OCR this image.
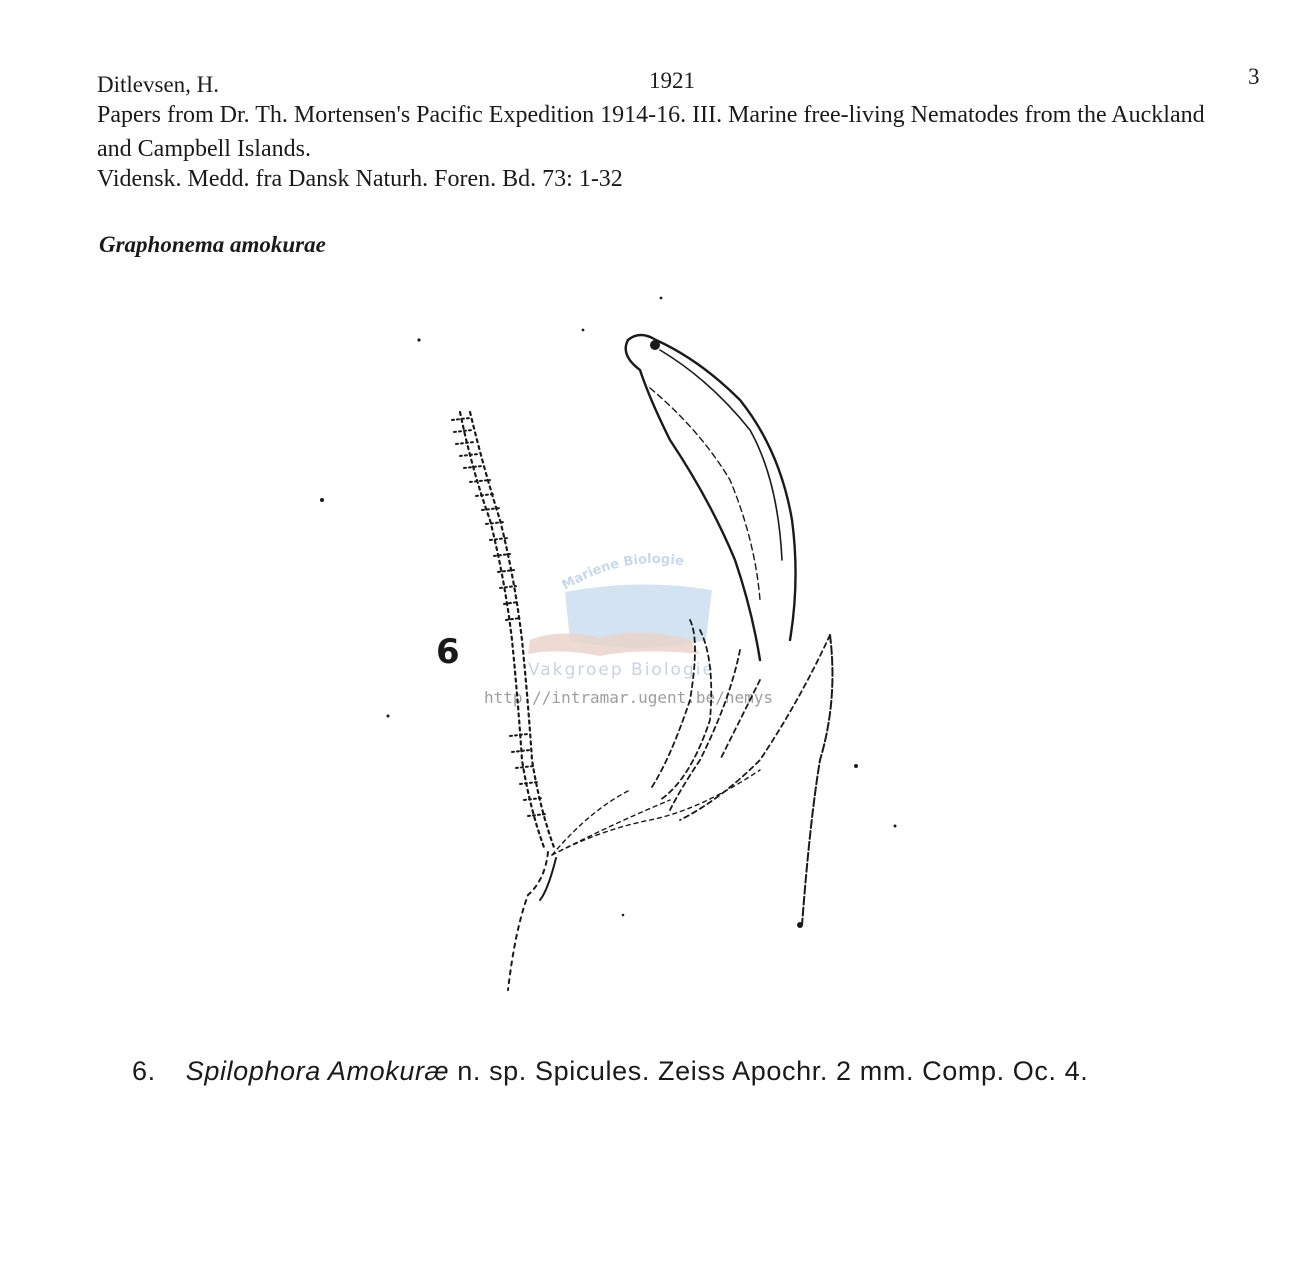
Ditlevsen, H.	1921	3
Papers from Dr. Th. Mortensen's Pacific Expedition 1914-16. III. Marine free-living Nematodes from the Auckland and Campbell Islands.
Vidensk. Medd. fra Dansk Naturh. Foren. Bd. 73: 1-32
Graphonema amokurae
Mariene Biologie
Vakgroep Biologie
http://intramar.ugent.be/nemys
6
6. Spilophora Amokuræ n. sp. Spicules. Zeiss Apochr. 2 mm. Comp. Oc. 4.
